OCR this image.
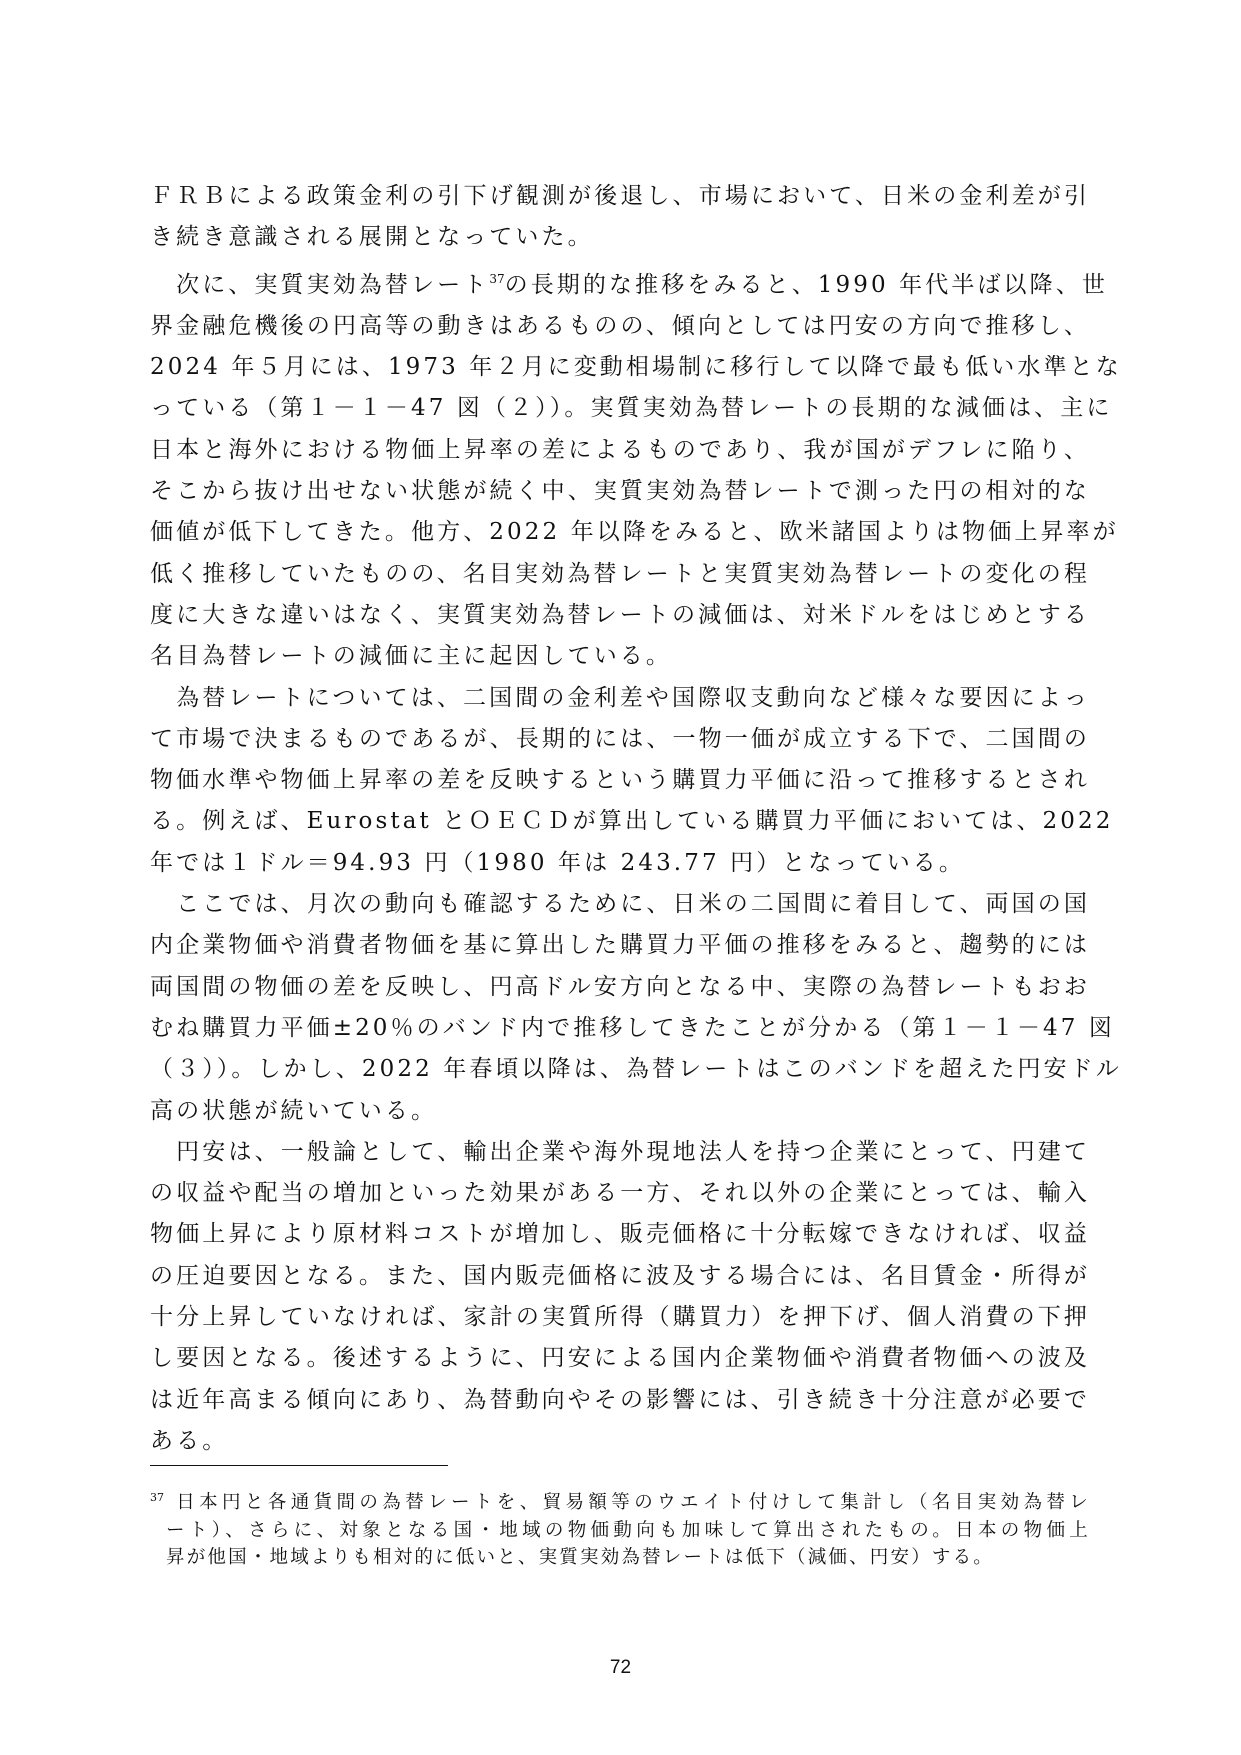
ＦＲＢによる政策金利の引下げ観測が後退し、市場において、日米の金利差が引
き続き意識される展開となっていた。
　次に、実質実効為替レート$^{37}$の長期的な推移をみると、1990 年代半ば以降、世
界金融危機後の円高等の動きはあるものの、傾向としては円安の方向で推移し、
2024 年５月には、1973 年２月に変動相場制に移行して以降で最も低い水準とな
っている（第１－１－47 図（２））。実質実効為替レートの長期的な減価は、主に
日本と海外における物価上昇率の差によるものであり、我が国がデフレに陥り、
そこから抜け出せない状態が続く中、実質実効為替レートで測った円の相対的な
価値が低下してきた。他方、2022 年以降をみると、欧米諸国よりは物価上昇率が
低く推移していたものの、名目実効為替レートと実質実効為替レートの変化の程
度に大きな違いはなく、実質実効為替レートの減価は、対米ドルをはじめとする
名目為替レートの減価に主に起因している。
　為替レートについては、二国間の金利差や国際収支動向など様々な要因によっ
て市場で決まるものであるが、長期的には、一物一価が成立する下で、二国間の
物価水準や物価上昇率の差を反映するという購買力平価に沿って推移するとされ
る。例えば、Eurostat とＯＥＣＤが算出している購買力平価においては、2022
年では１ドル＝94.93 円（1980 年は 243.77 円）となっている。
　ここでは、月次の動向も確認するために、日米の二国間に着目して、両国の国
内企業物価や消費者物価を基に算出した購買力平価の推移をみると、趨勢的には
両国間の物価の差を反映し、円高ドル安方向となる中、実際の為替レートもおお
むね購買力平価±20％のバンド内で推移してきたことが分かる（第１－１－47 図
（３））。しかし、2022 年春頃以降は、為替レートはこのバンドを超えた円安ドル
高の状態が続いている。
　円安は、一般論として、輸出企業や海外現地法人を持つ企業にとって、円建て
の収益や配当の増加といった効果がある一方、それ以外の企業にとっては、輸入
物価上昇により原材料コストが増加し、販売価格に十分転嫁できなければ、収益
の圧迫要因となる。また、国内販売価格に波及する場合には、名目賃金・所得が
十分上昇していなければ、家計の実質所得（購買力）を押下げ、個人消費の下押
し要因となる。後述するように、円安による国内企業物価や消費者物価への波及
は近年高まる傾向にあり、為替動向やその影響には、引き続き十分注意が必要で
ある。
$^{37}$ 日本円と各通貨間の為替レートを、貿易額等のウエイト付けして集計し（名目実効為替レ
ート）、さらに、対象となる国・地域の物価動向も加味して算出されたもの。日本の物価上
昇が他国・地域よりも相対的に低いと、実質実効為替レートは低下（減価、円安）する。
72
